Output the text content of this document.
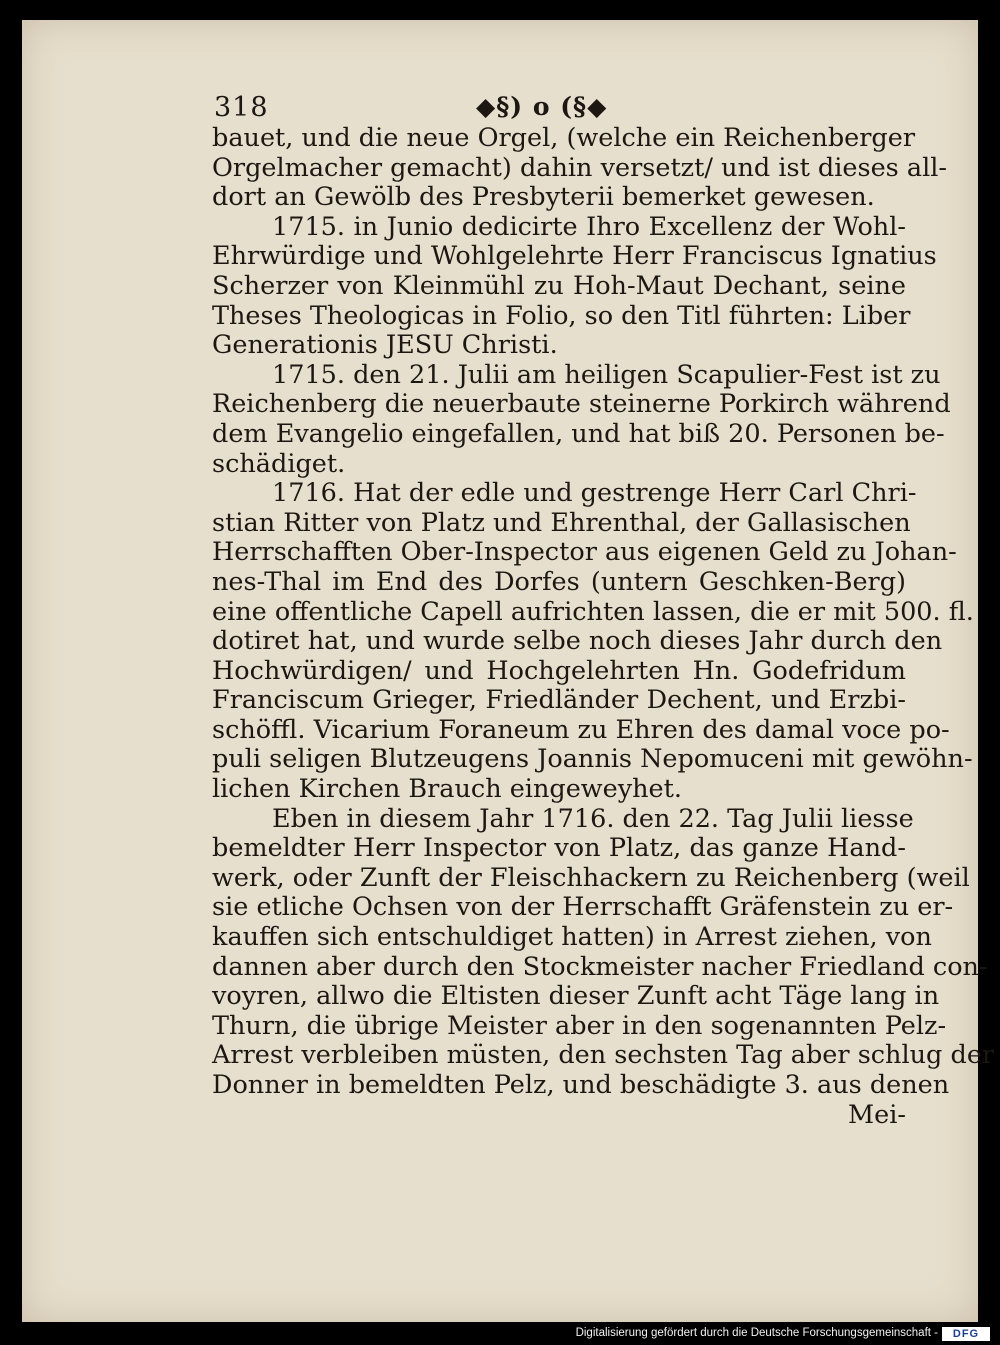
318	◆§) o (§◆
bauet, und die neue Orgel, (welche ein Reichenberger
Orgelmacher gemacht) dahin versetzt/ und ist dieses all-
dort an Gewölb des Presbyterii bemerket gewesen.
1715. in Junio dedicirte Ihro Excellenz der Wohl-
Ehrwürdige und Wohlgelehrte Herr Franciscus Ignatius
Scherzer von Kleinmühl zu Hoh-Maut Dechant, seine
Theses Theologicas in Folio, so den Titl führten: Liber
Generationis JESU Christi.
1715. den 21. Julii am heiligen Scapulier-Fest ist zu
Reichenberg die neuerbaute steinerne Porkirch während
dem Evangelio eingefallen, und hat biß 20. Personen be-
schädiget.
1716. Hat der edle und gestrenge Herr Carl Chri-
stian Ritter von Platz und Ehrenthal, der Gallasischen
Herrschafften Ober-Inspector aus eigenen Geld zu Johan-
nes-Thal im End des Dorfes (untern Geschken-Berg)
eine offentliche Capell aufrichten lassen, die er mit 500. fl.
dotiret hat, und wurde selbe noch dieses Jahr durch den
Hochwürdigen/ und Hochgelehrten Hn. Godefridum
Franciscum Grieger, Friedländer Dechent, und Erzbi-
schöffl. Vicarium Foraneum zu Ehren des damal voce po-
puli seligen Blutzeugens Joannis Nepomuceni mit gewöhn-
lichen Kirchen Brauch eingeweyhet.
Eben in diesem Jahr 1716. den 22. Tag Julii liesse
bemeldter Herr Inspector von Platz, das ganze Hand-
werk, oder Zunft der Fleischhackern zu Reichenberg (weil
sie etliche Ochsen von der Herrschafft Gräfenstein zu er-
kauffen sich entschuldiget hatten) in Arrest ziehen, von
dannen aber durch den Stockmeister nacher Friedland con-
voyren, allwo die Eltisten dieser Zunft acht Täge lang in
Thurn, die übrige Meister aber in den sogenannten Pelz-
Arrest verbleiben müsten, den sechsten Tag aber schlug der
Donner in bemeldten Pelz, und beschädigte 3. aus denen
Mei-
Digitalisierung gefördert durch die Deutsche Forschungsgemeinschaft -	DFG
